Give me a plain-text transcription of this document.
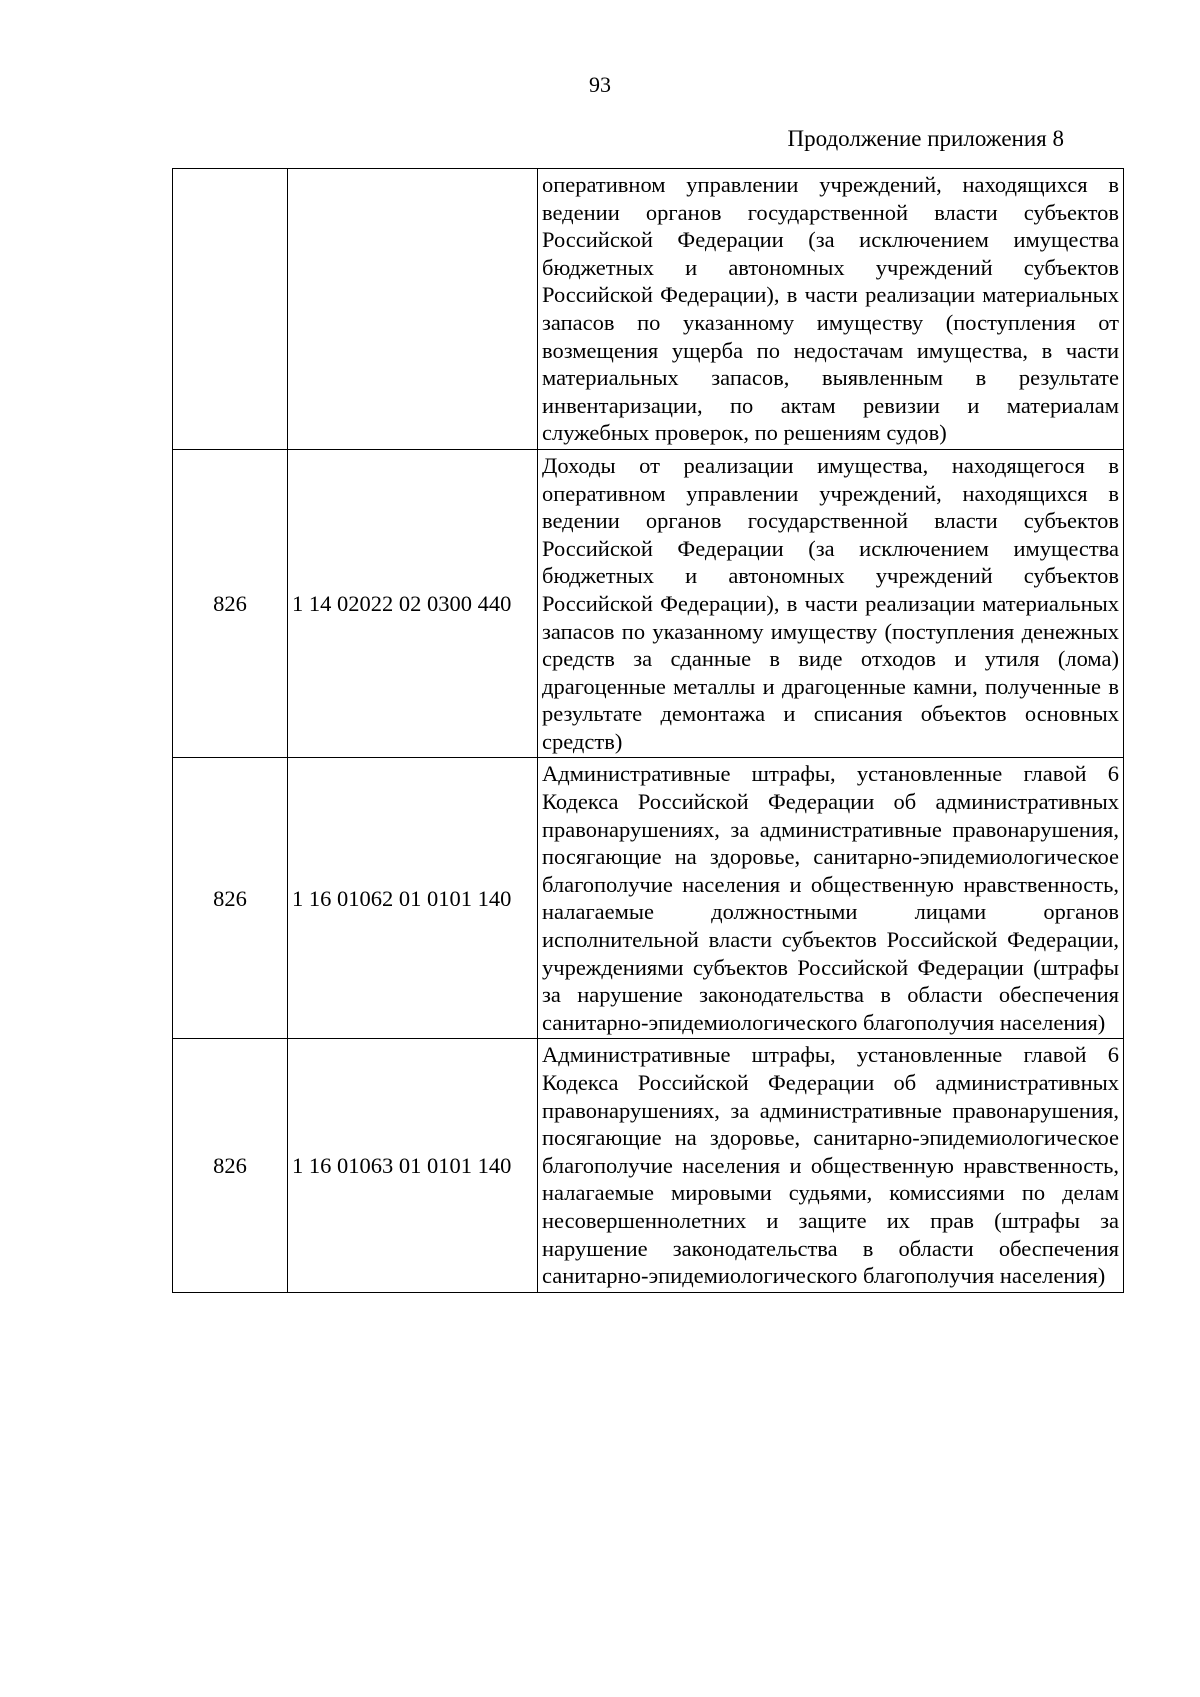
93
Продолжение приложения 8
		оперативном управлении учреждений, находящихся в ведении органов государственной власти субъектов Российской Федерации (за исключением имущества бюджетных и автономных учреждений субъектов Российской Федерации), в части реализации материальных запасов по указанному имуществу (поступления от возмещения ущерба по недостачам имущества, в части материальных запасов, выявленным в результате инвентаризации, по актам ревизии и материалам служебных проверок, по решениям судов)
826	1 14 02022 02 0300 440	Доходы от реализации имущества, находящегося в оперативном управлении учреждений, находящихся в ведении органов государственной власти субъектов Российской Федерации (за исключением имущества бюджетных и автономных учреждений субъектов Российской Федерации), в части реализации материальных запасов по указанному имуществу (поступления денежных средств за сданные в виде отходов и утиля (лома) драгоценные металлы и драгоценные камни, полученные в результате демонтажа и списания объектов основных средств)
826	1 16 01062 01 0101 140	Административные штрафы, установленные главой 6 Кодекса Российской Федерации об административных правонарушениях, за административные правонарушения, посягающие на здоровье, санитарно-эпидемиологическое благополучие населения и общественную нравственность, налагаемые должностными лицами органов исполнительной власти субъектов Российской Федерации, учреждениями субъектов Российской Федерации (штрафы за нарушение законодательства в области обеспечения санитарно-эпидемиологического благополучия населения)
826	1 16 01063 01 0101 140	Административные штрафы, установленные главой 6 Кодекса Российской Федерации об административных правонарушениях, за административные правонарушения, посягающие на здоровье, санитарно-эпидемиологическое благополучие населения и общественную нравственность, налагаемые мировыми судьями, комиссиями по делам несовершеннолетних и защите их прав (штрафы за нарушение законодательства в области обеспечения санитарно-эпидемиологического благополучия населения)
